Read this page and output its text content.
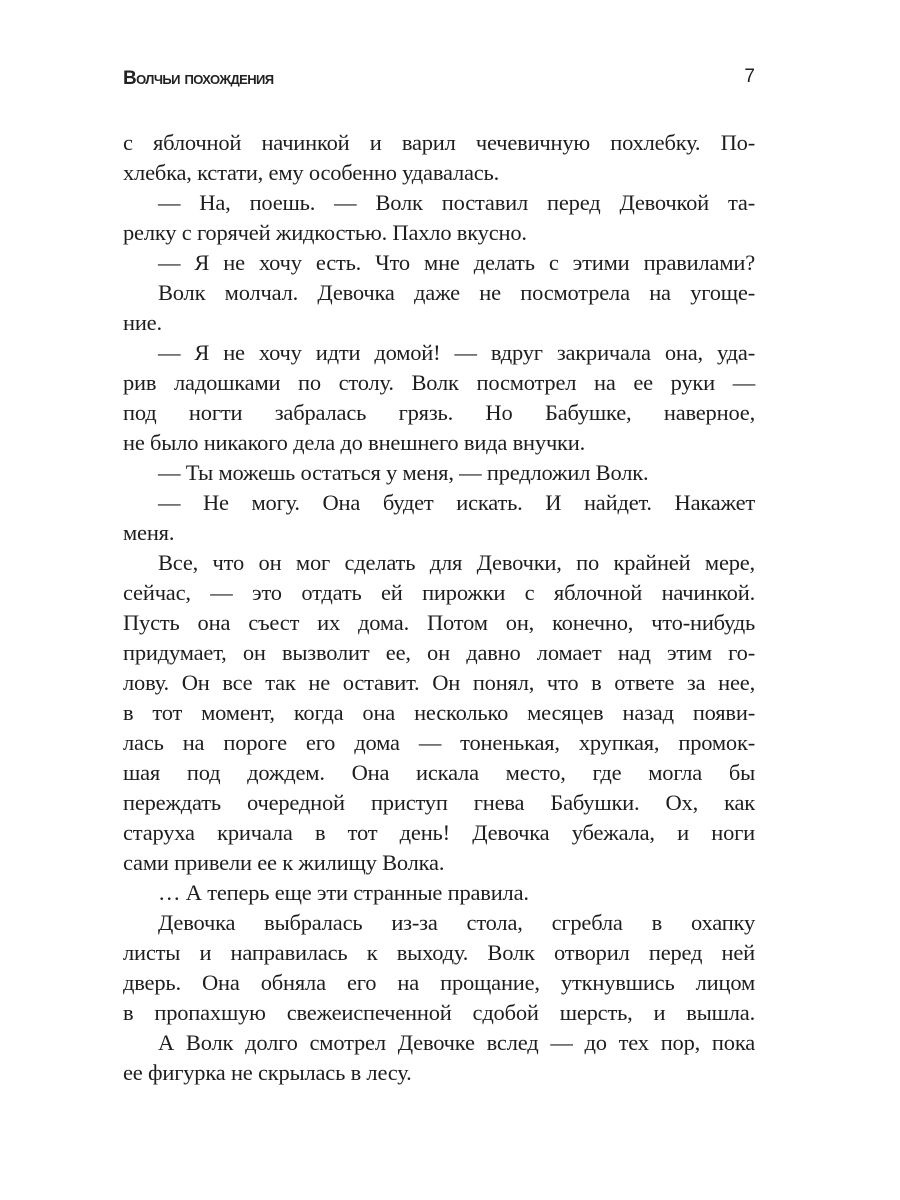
Волчьи похождения	7
с яблочной начинкой и варил чечевичную похлебку. По-
хлебка, кстати, ему особенно удавалась.
— На, поешь. — Волк поставил перед Девочкой та-
релку с горячей жидкостью. Пахло вкусно.
— Я не хочу есть. Что мне делать с этими правилами?
Волк молчал. Девочка даже не посмотрела на угоще-
ние.
— Я не хочу идти домой! — вдруг закричала она, уда-
рив ладошками по столу. Волк посмотрел на ее руки —
под ногти забралась грязь. Но Бабушке, наверное,
не было никакого дела до внешнего вида внучки.
— Ты можешь остаться у меня, — предложил Волк.
— Не могу. Она будет искать. И найдет. Накажет
меня.
Все, что он мог сделать для Девочки, по крайней мере,
сейчас, — это отдать ей пирожки с яблочной начинкой.
Пусть она съест их дома. Потом он, конечно, что-нибудь
придумает, он вызволит ее, он давно ломает над этим го-
лову. Он все так не оставит. Он понял, что в ответе за нее,
в тот момент, когда она несколько месяцев назад появи-
лась на пороге его дома — тоненькая, хрупкая, промок-
шая под дождем. Она искала место, где могла бы
переждать очередной приступ гнева Бабушки. Ох, как
старуха кричала в тот день! Девочка убежала, и ноги
сами привели ее к жилищу Волка.
… А теперь еще эти странные правила.
Девочка выбралась из-за стола, сгребла в охапку
листы и направилась к выходу. Волк отворил перед ней
дверь. Она обняла его на прощание, уткнувшись лицом
в пропахшую свежеиспеченной сдобой шерсть, и вышла.
А Волк долго смотрел Девочке вслед — до тех пор, пока
ее фигурка не скрылась в лесу.
